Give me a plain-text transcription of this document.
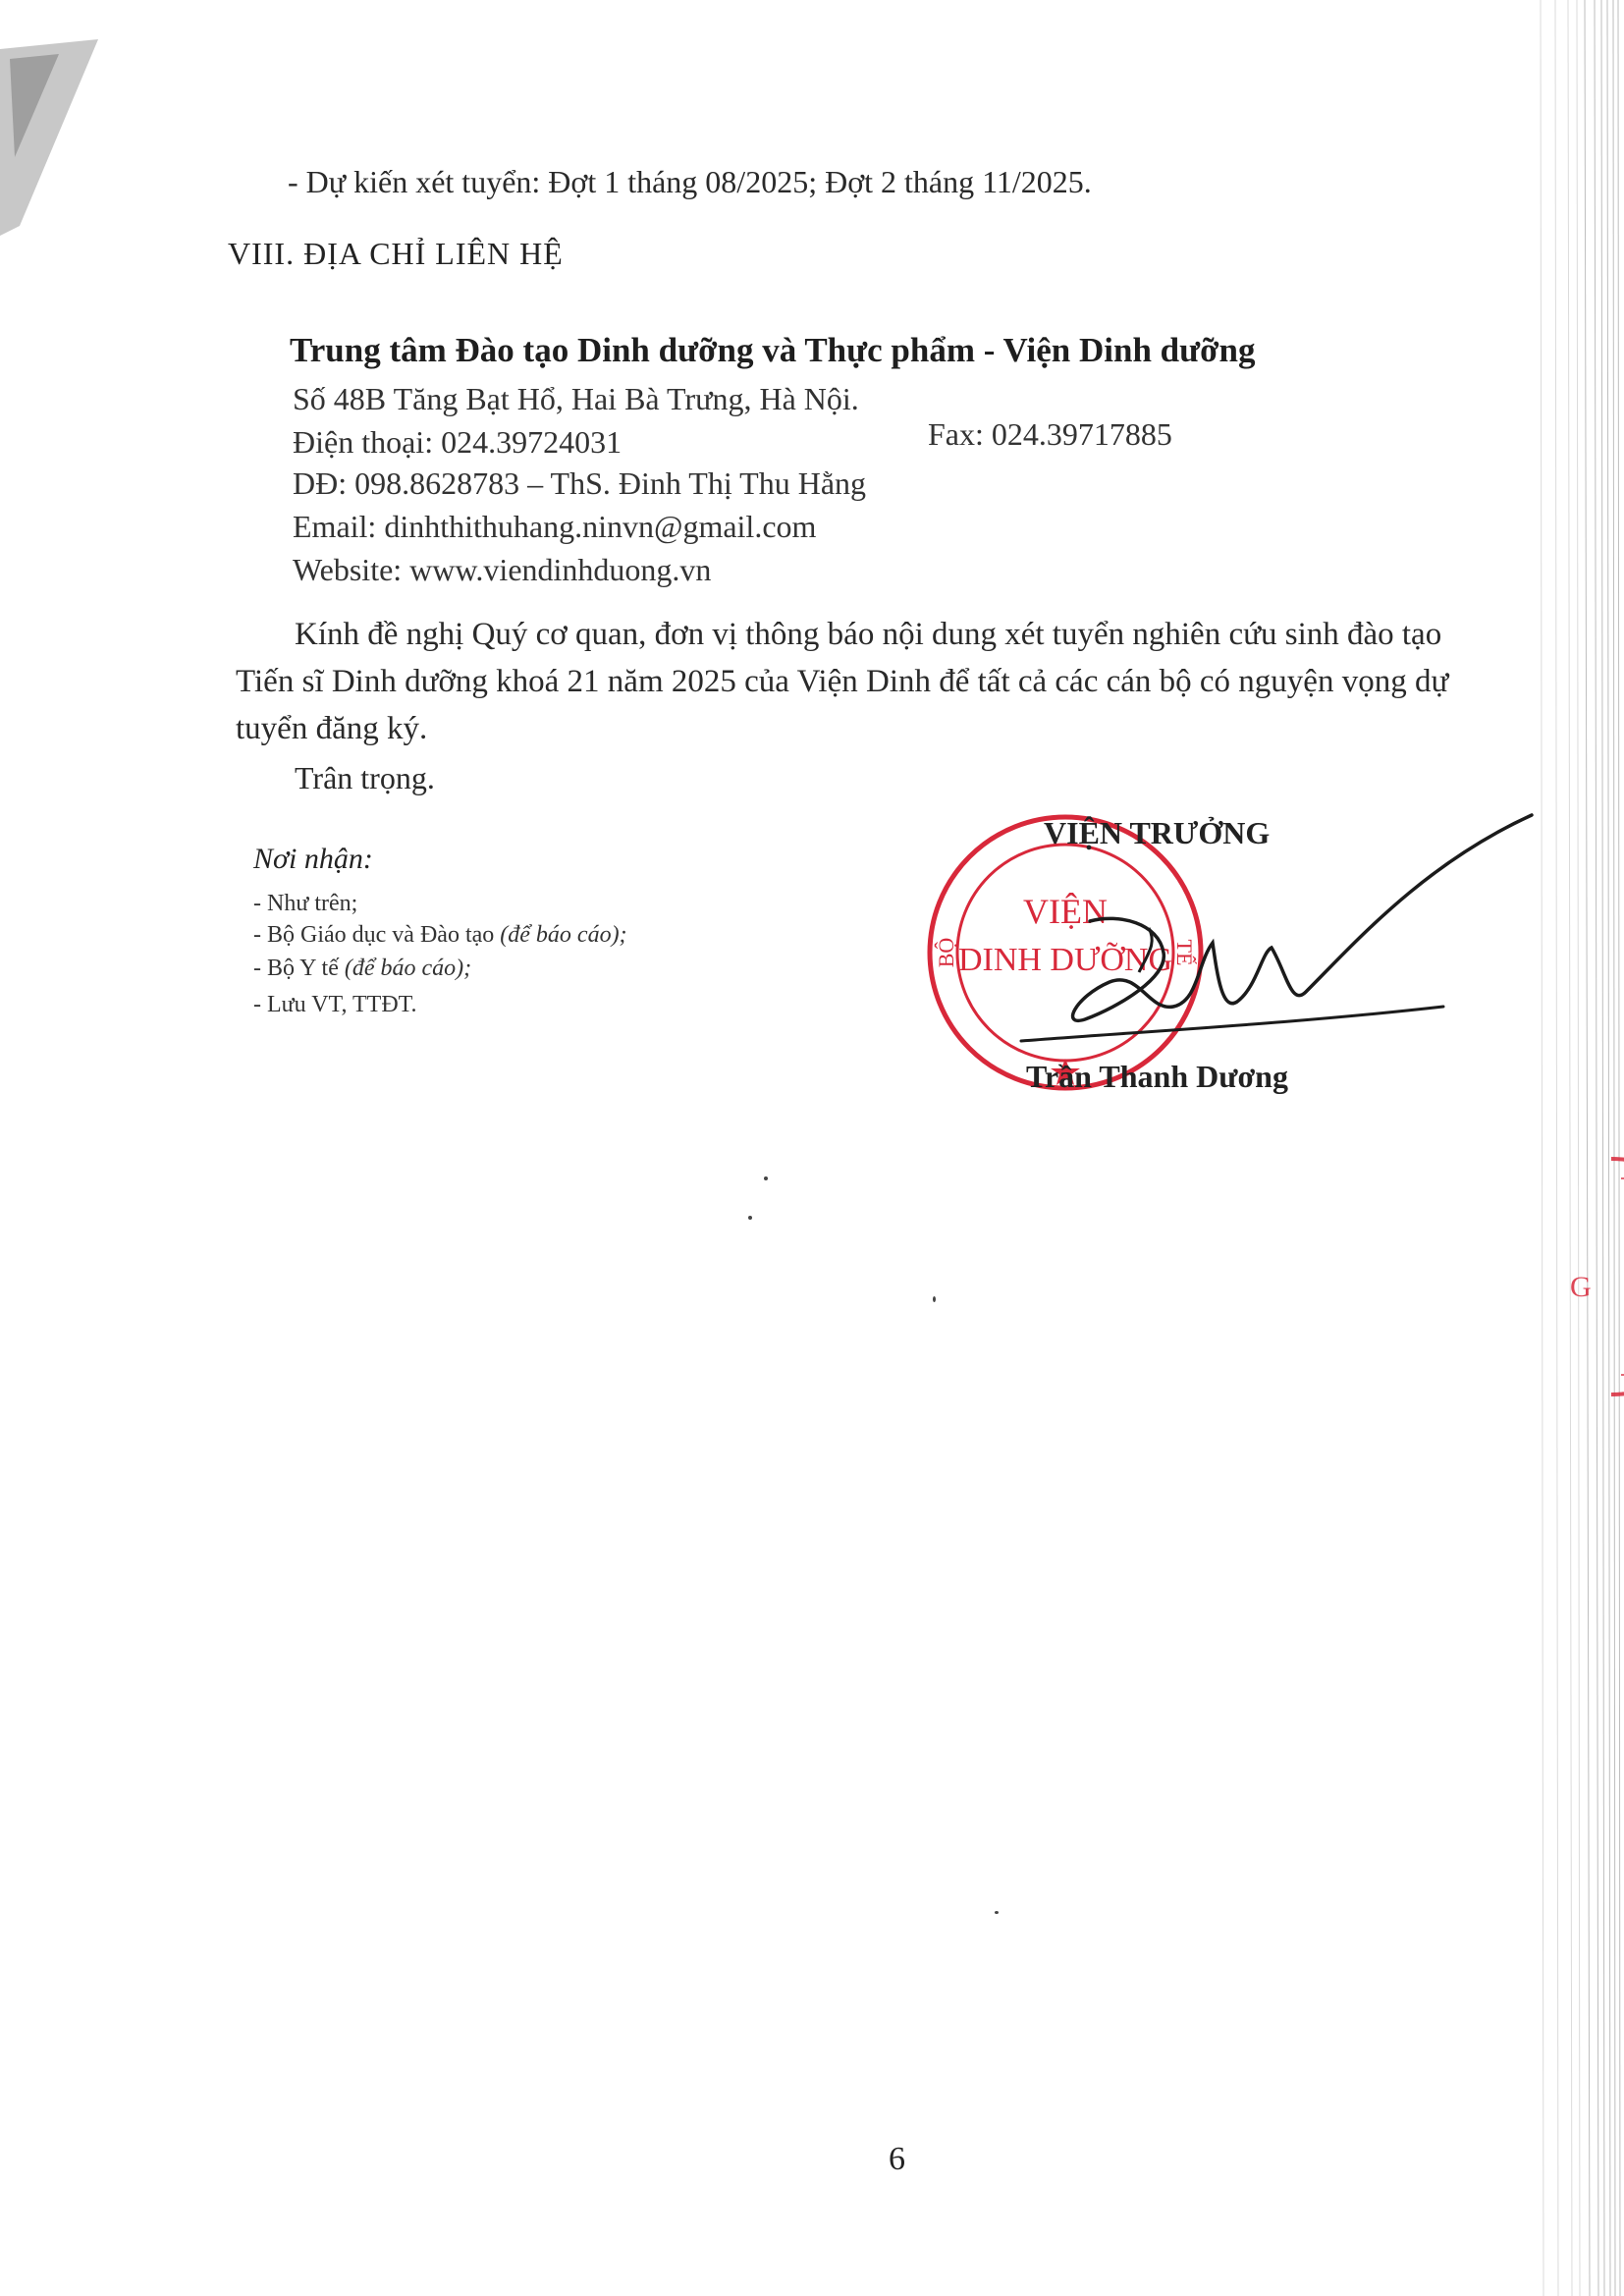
G
- Dự kiến xét tuyển: Đợt 1 tháng 08/2025; Đợt 2 tháng 11/2025.
VIII. ĐỊA CHỈ LIÊN HỆ
Trung tâm Đào tạo Dinh dưỡng và Thực phẩm - Viện Dinh dưỡng
Số 48B Tăng Bạt Hổ, Hai Bà Trưng, Hà Nội.
Điện thoại: 024.39724031	Fax: 024.39717885
DĐ: 098.8628783 – ThS. Đinh Thị Thu Hằng
Email: dinhthithuhang.ninvn@gmail.com
Website: www.viendinhduong.vn
Kính đề nghị Quý cơ quan, đơn vị thông báo nội dung xét tuyển nghiên cứu sinh đào tạo Tiến sĩ Dinh dưỡng khoá 21 năm 2025 của Viện Dinh để tất cả các cán bộ có nguyện vọng dự tuyển đăng ký.
Trân trọng.
Nơi nhận:
- Như trên;
- Bộ Giáo dục và Đào tạo (để báo cáo);
- Bộ Y tế (để báo cáo);
- Lưu VT, TTĐT.
VIỆN
DINH DƯỠNG
BỘ	TẾ
VIỆN TRƯỞNG
Trần Thanh Dương
6
